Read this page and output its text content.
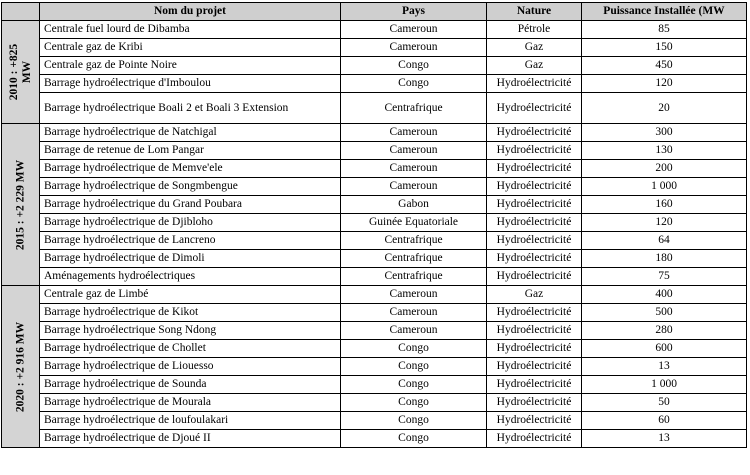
	Nom du projet	Pays	Nature	Puissance Installée (MW

2010 : +825 MW	Centrale fuel lourd de Dibamba	Cameroun	Pétrole	85
	Centrale gaz de Kribi	Cameroun	Gaz	150
	Centrale gaz de Pointe Noire	Congo	Gaz	450
	Barrage hydroélectrique d'Imboulou	Congo	Hydroélectricité	120
	Barrage hydroélectrique Boali 2 et Boali 3 Extension	Centrafrique	Hydroélectricité	20

2015 : +2 229 MW	Barrage hydroélectrique de Natchigal	Cameroun	Hydroélectricité	300
	Barrage de retenue de Lom Pangar	Cameroun	Hydroélectricité	130
	Barrage hydroélectrique de Memve'ele	Cameroun	Hydroélectricité	200
	Barrage hydroélectrique de Songmbengue	Cameroun	Hydroélectricité	1 000
	Barrage hydroélectrique du Grand Poubara	Gabon	Hydroélectricité	160
	Barrage hydroélectrique de Djibloho	Guinée Equatoriale	Hydroélectricité	120
	Barrage hydroélectrique de Lancreno	Centrafrique	Hydroélectricité	64
	Barrage hydroélectrique de Dimoli	Centrafrique	Hydroélectricité	180
	Aménagements hydroélectriques	Centrafrique	Hydroélectricité	75

2020 : +2 916 MW	Centrale gaz de Limbé	Cameroun	Gaz	400
	Barrage hydroélectrique de Kikot	Cameroun	Hydroélectricité	500
	Barrage hydroélectrique Song Ndong	Cameroun	Hydroélectricité	280
	Barrage hydroélectrique de Chollet	Congo	Hydroélectricité	600
	Barrage hydroélectrique de Liouesso	Congo	Hydroélectricité	13
	Barrage hydroélectrique de Sounda	Congo	Hydroélectricité	1 000
	Barrage hydroélectrique de Mourala	Congo	Hydroélectricité	50
	Barrage hydroélectrique de loufoulakari	Congo	Hydroélectricité	60
	Barrage hydroélectrique de Djoué II	Congo	Hydroélectricité	13
